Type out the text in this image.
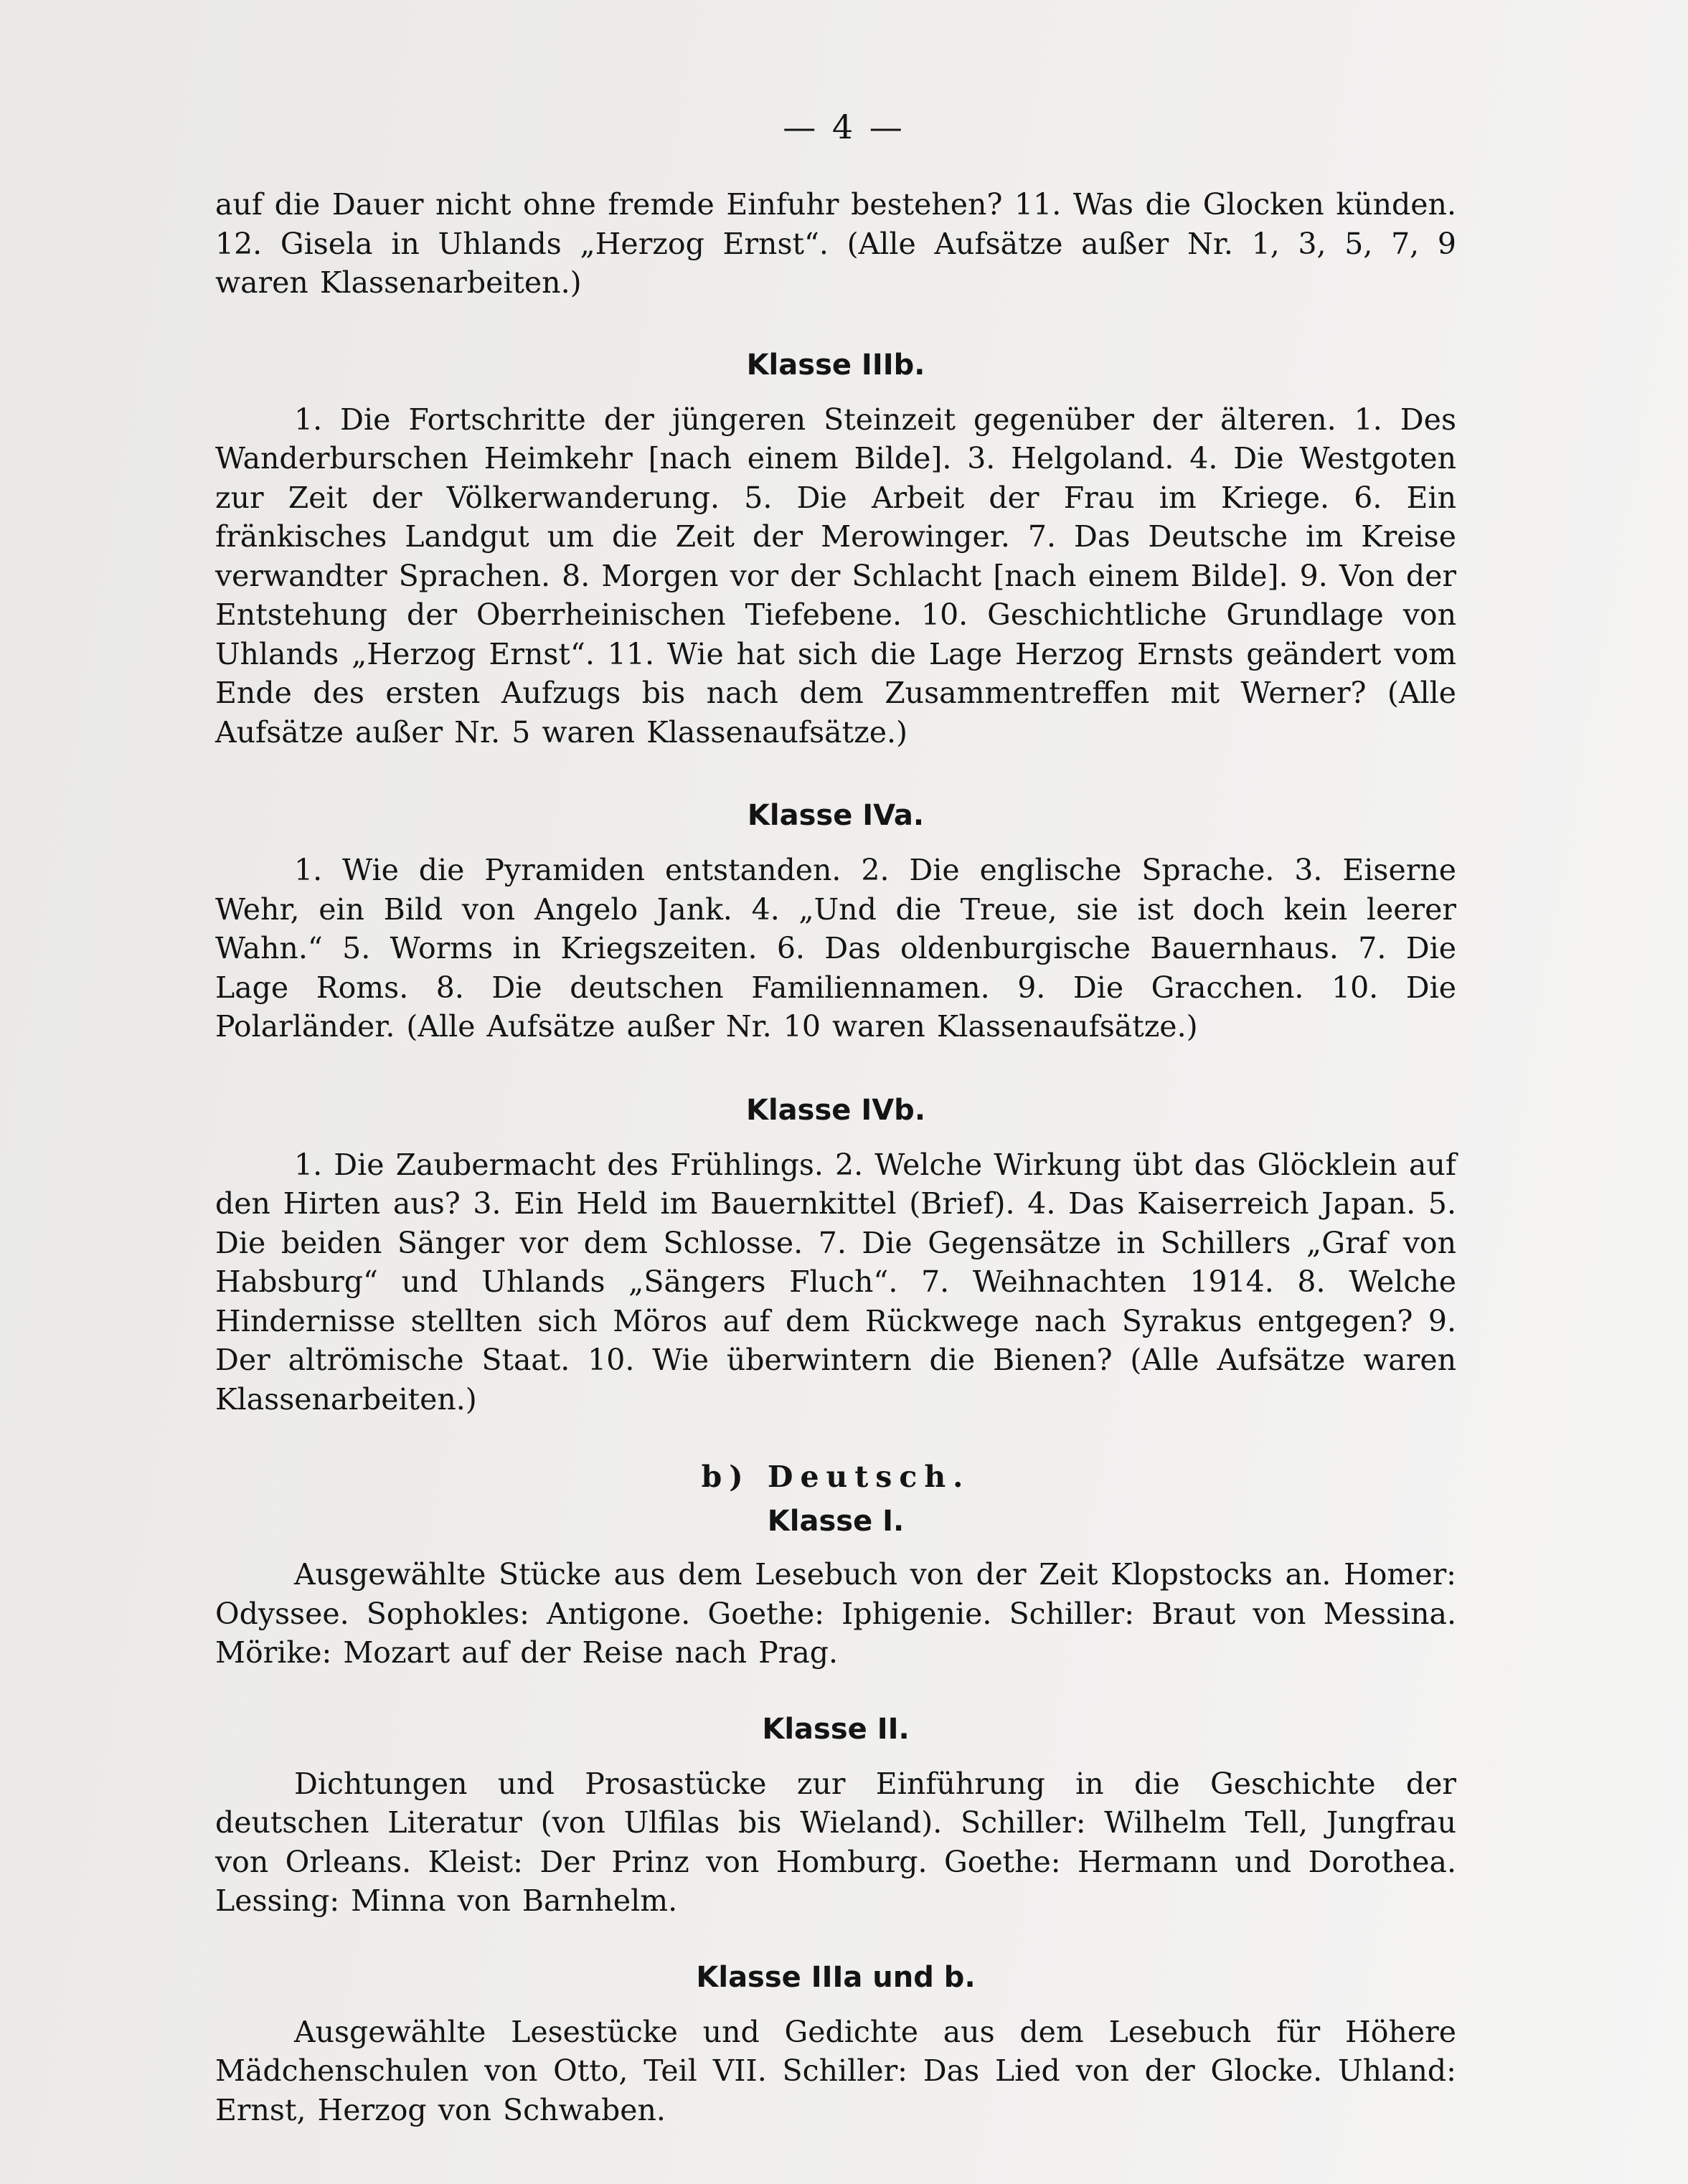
— 4 —

auf die Dauer nicht ohne fremde Einfuhr bestehen? 11. Was die Glocken künden. 12. Gisela in Uhlands „Herzog Ernst“. (Alle Aufsätze außer Nr. 1, 3, 5, 7, 9 waren Klassenarbeiten.)

Klasse IIIb.

1. Die Fortschritte der jüngeren Steinzeit gegenüber der älteren. 1. Des Wanderburschen Heimkehr [nach einem Bilde]. 3. Helgoland. 4. Die Westgoten zur Zeit der Völkerwanderung. 5. Die Arbeit der Frau im Kriege. 6. Ein fränkisches Landgut um die Zeit der Merowinger. 7. Das Deutsche im Kreise verwandter Sprachen. 8. Morgen vor der Schlacht [nach einem Bilde]. 9. Von der Entstehung der Oberrheinischen Tiefebene. 10. Geschichtliche Grundlage von Uhlands „Herzog Ernst“. 11. Wie hat sich die Lage Herzog Ernsts geändert vom Ende des ersten Aufzugs bis nach dem Zusammentreffen mit Werner? (Alle Aufsätze außer Nr. 5 waren Klassenaufsätze.)

Klasse IVa.

1. Wie die Pyramiden entstanden. 2. Die englische Sprache. 3. Eiserne Wehr, ein Bild von Angelo Jank. 4. „Und die Treue, sie ist doch kein leerer Wahn.“ 5. Worms in Kriegszeiten. 6. Das oldenburgische Bauernhaus. 7. Die Lage Roms. 8. Die deutschen Familiennamen. 9. Die Gracchen. 10. Die Polarländer. (Alle Aufsätze außer Nr. 10 waren Klassenaufsätze.)

Klasse IVb.

1. Die Zaubermacht des Frühlings. 2. Welche Wirkung übt das Glöcklein auf den Hirten aus? 3. Ein Held im Bauernkittel (Brief). 4. Das Kaiserreich Japan. 5. Die beiden Sänger vor dem Schlosse. 7. Die Gegensätze in Schillers „Graf von Habsburg“ und Uhlands „Sängers Fluch“. 7. Weihnachten 1914. 8. Welche Hindernisse stellten sich Möros auf dem Rückwege nach Syrakus entgegen? 9. Der altrömische Staat. 10. Wie überwintern die Bienen? (Alle Aufsätze waren Klassenarbeiten.)

b) Deutsch.
Klasse I.

Ausgewählte Stücke aus dem Lesebuch von der Zeit Klopstocks an. Homer: Odyssee. Sophokles: Antigone. Goethe: Iphigenie. Schiller: Braut von Messina. Mörike: Mozart auf der Reise nach Prag.

Klasse II.

Dichtungen und Prosastücke zur Einführung in die Geschichte der deutschen Literatur (von Ulfilas bis Wieland). Schiller: Wilhelm Tell, Jungfrau von Orleans. Kleist: Der Prinz von Homburg. Goethe: Hermann und Dorothea. Lessing: Minna von Barnhelm.

Klasse IIIa und b.

Ausgewählte Lesestücke und Gedichte aus dem Lesebuch für Höhere Mädchenschulen von Otto, Teil VII. Schiller: Das Lied von der Glocke. Uhland: Ernst, Herzog von Schwaben.
